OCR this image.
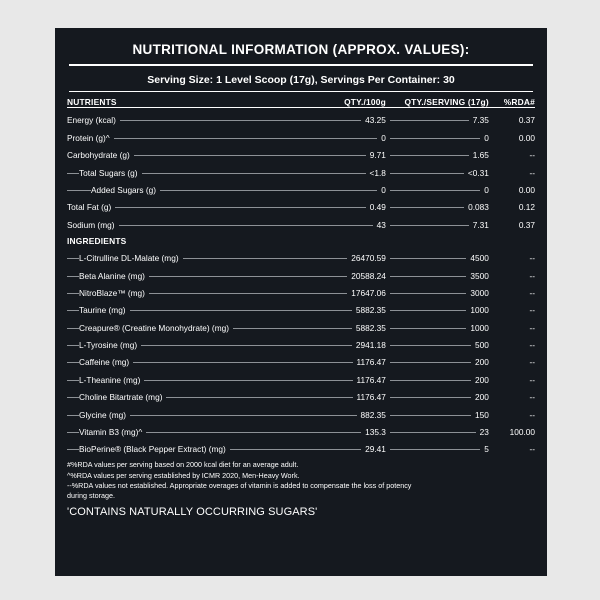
NUTRITIONAL INFORMATION (APPROX. VALUES):
Serving Size: 1 Level Scoop (17g), Servings Per Container: 30
NUTRIENTS	QTY./100g	QTY./SERVING (17g)	%RDA#

Energy (kcal)	43.25	7.35	0.37

Protein (g)^	0	0	0.00

Carbohydrate (g)	9.71	1.65	--

Total Sugars (g)	<1.8	<0.31	--

Added Sugars (g)	0	0	0.00

Total Fat (g)	0.49	0.083	0.12

Sodium (mg)	43	7.31	0.37

INGREDIENTS			

L-Citrulline DL-Malate (mg)	26470.59	4500	--

Beta Alanine (mg)	20588.24	3500	--

NitroBlaze™ (mg)	17647.06	3000	--

Taurine (mg)	5882.35	1000	--

Creapure® (Creatine Monohydrate) (mg)	5882.35	1000	--

L-Tyrosine (mg)	2941.18	500	--

Caffeine (mg)	1176.47	200	--

L-Theanine (mg)	1176.47	200	--

Choline Bitartrate (mg)	1176.47	200	--

Glycine (mg)	882.35	150	--

Vitamin B3 (mg)^	135.3	23	100.00

BioPerine® (Black Pepper Extract) (mg)	29.41	5	--
#%RDA values per serving based on 2000 kcal diet for an average adult.
^%RDA values per serving established by ICMR 2020, Men-Heavy Work.
--%RDA values not established. Appropriate overages of vitamin is added to compensate the loss of potency
during storage.
'CONTAINS NATURALLY OCCURRING SUGARS'
